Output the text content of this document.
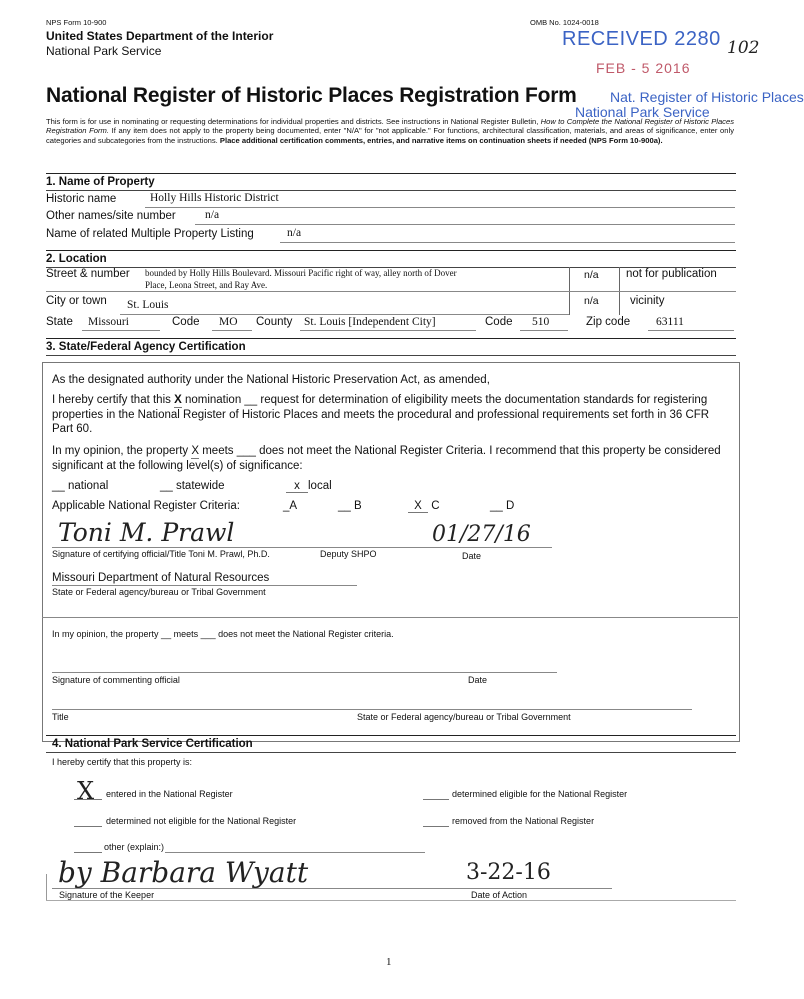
NPS Form 10-900	OMB No. 1024-0018
United States Department of the Interior
National Park Service
RECEIVED 2280 102
FEB - 5 2016
National Register of Historic Places Registration Form Nat. Register of Historic Places
National Park Service
This form is for use in nominating or requesting determinations for individual properties and districts. See instructions in National Register Bulletin, How to Complete the National Register of Historic Places Registration Form. If any item does not apply to the property being documented, enter "N/A" for "not applicable." For functions, architectural classification, materials, and areas of significance, enter only categories and subcategories from the instructions. Place additional certification comments, entries, and narrative items on continuation sheets if needed (NPS Form 10-900a).
1. Name of Property
Historic name	Holly Hills Historic District
Other names/site number	n/a
Name of related Multiple Property Listing	n/a
2. Location
Street & number bounded by Holly Hills Boulevard. Missouri Pacific right of way, alley north of Dover
Place, Leona Street, and Ray Ave.
n/a not for publication
City or town St. Louis	n/a	vicinity
State Missouri	Code MO County St. Louis [Independent City]	Code 510	Zip code 63111
3. State/Federal Agency Certification
As the designated authority under the National Historic Preservation Act, as amended,
I hereby certify that this X nomination __ request for determination of eligibility meets the documentation standards for registering properties in the National Register of Historic Places and meets the procedural and professional requirements set forth in 36 CFR Part 60.
In my opinion, the property X meets ___ does not meet the National Register Criteria. I recommend that this property be considered significant at the following level(s) of significance:
__ national	__ statewide	x local
Applicable National Register Criteria:	_A	__ B	X C	__ D
Toni M. Prawl	01/27/16
Signature of certifying official/Title Toni M. Prawl, Ph.D.	Deputy SHPO	Date
Missouri Department of Natural Resources
State or Federal agency/bureau or Tribal Government
In my opinion, the property __ meets ___ does not meet the National Register criteria.
Signature of commenting official	Date
Title	State or Federal agency/bureau or Tribal Government
4. National Park Service Certification
I hereby certify that this property is:
X entered in the National Register	determined eligible for the National Register
determined not eligible for the National Register	removed from the National Register
other (explain:)
by Barbara Wyatt	3-22-16
Signature of the Keeper	Date of Action
1
